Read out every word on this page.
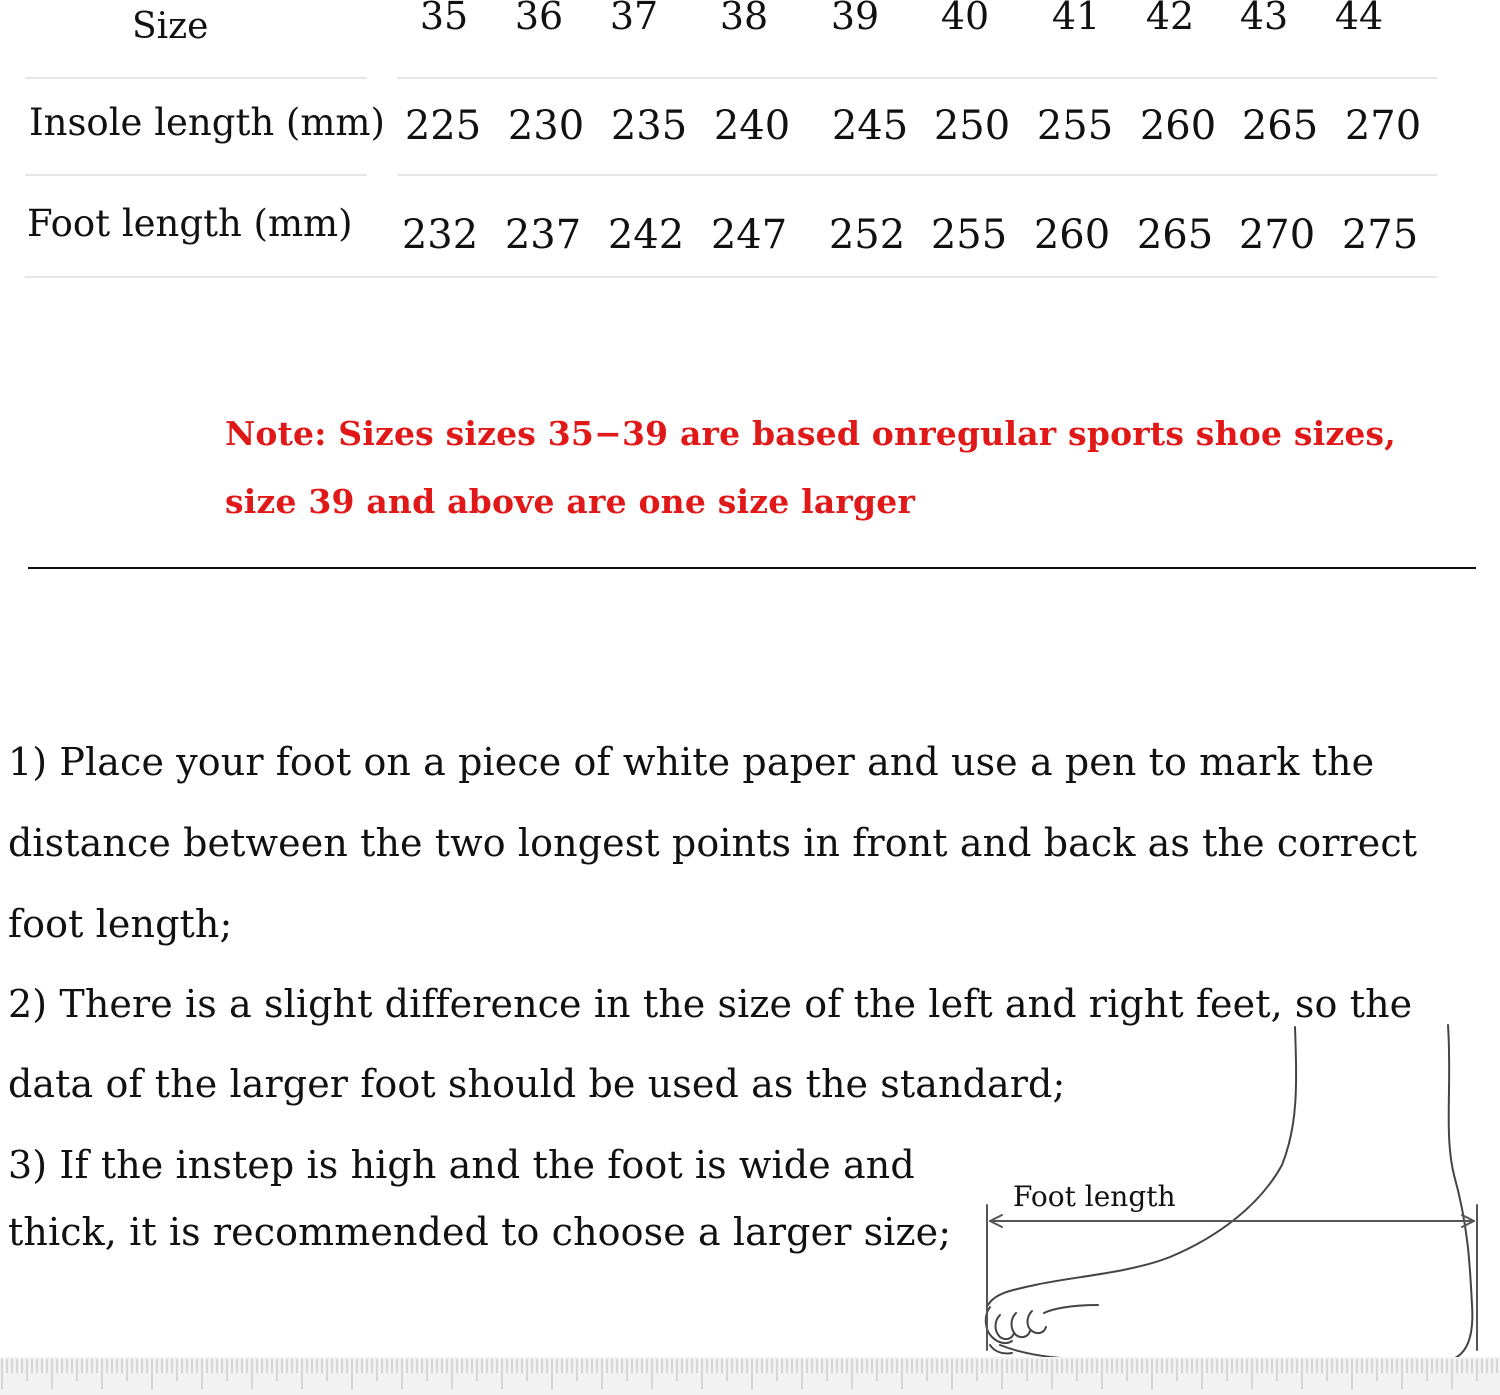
Size	35	36	37	38	39	40	41	42	43	44
Insole length (mm) 225 230 235 240 245 250 255 260 265 270
Foot length (mm) 232 237 242 247 252 255 260 265 270 275
Note: Sizes sizes 35−39 are based onregular sports shoe sizes,
size 39 and above are one size larger
1) Place your foot on a piece of white paper and use a pen to mark the
distance between the two longest points in front and back as the correct
foot length;
2) There is a slight difference in the size of the left and right feet, so the
data of the larger foot should be used as the standard;
3) If the instep is high and the foot is wide and
thick, it is recommended to choose a larger size;
Foot length
